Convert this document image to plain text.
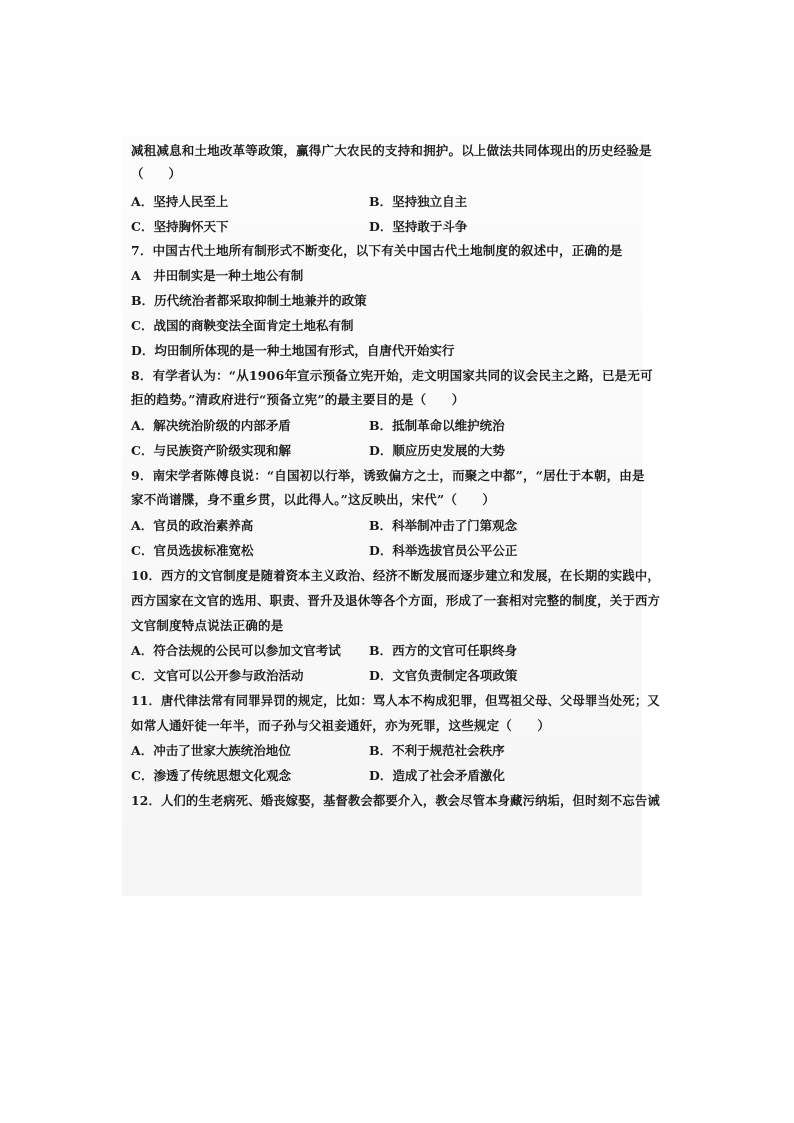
减租减息和土地改革等政策，赢得广大农民的支持和拥护。以上做法共同体现出的历史经验是
（　　）
A．坚持人民至上	B．坚持独立自主
C．坚持胸怀天下	D．坚持敢于斗争
7．中国古代土地所有制形式不断变化，以下有关中国古代土地制度的叙述中，正确的是
A　井田制实是一种土地公有制
B．历代统治者都采取抑制土地兼并的政策
C．战国的商鞅变法全面肯定土地私有制
D．均田制所体现的是一种土地国有形式，自唐代开始实行
8．有学者认为：“从1906年宣示预备立宪开始，走文明国家共同的议会民主之路，已是无可
拒的趋势。”清政府进行“预备立宪”的最主要目的是（　　）
A．解决统治阶级的内部矛盾	B．抵制革命以维护统治
C．与民族资产阶级实现和解	D．顺应历史发展的大势
9．南宋学者陈傅良说：“自国初以行举，诱致偏方之士，而聚之中都”，“居仕于本朝，由是
家不尚谱牒，身不重乡贯，以此得人。”这反映出，宋代”（　　）
A．官员的政治素养高	B．科举制冲击了门第观念
C．官员选拔标准宽松	D．科举选拔官员公平公正
10．西方的文官制度是随着资本主义政治、经济不断发展而逐步建立和发展，在长期的实践中，
西方国家在文官的选用、职责、晋升及退休等各个方面，形成了一套相对完整的制度，关于西方
文官制度特点说法正确的是
A．符合法规的公民可以参加文官考试 B．西方的文官可任职终身
C．文官可以公开参与政治活动	D．文官负责制定各项政策
11．唐代律法常有同罪异罚的规定，比如：骂人本不构成犯罪，但骂祖父母、父母罪当处死；又
如常人通奸徒一年半，而子孙与父祖妾通奸，亦为死罪，这些规定（　　）
A．冲击了世家大族统治地位	B．不利于规范社会秩序
C．渗透了传统思想文化观念	D．造成了社会矛盾激化
12．人们的生老病死、婚丧嫁娶，基督教会都要介入，教会尽管本身藏污纳垢，但时刻不忘告诫
